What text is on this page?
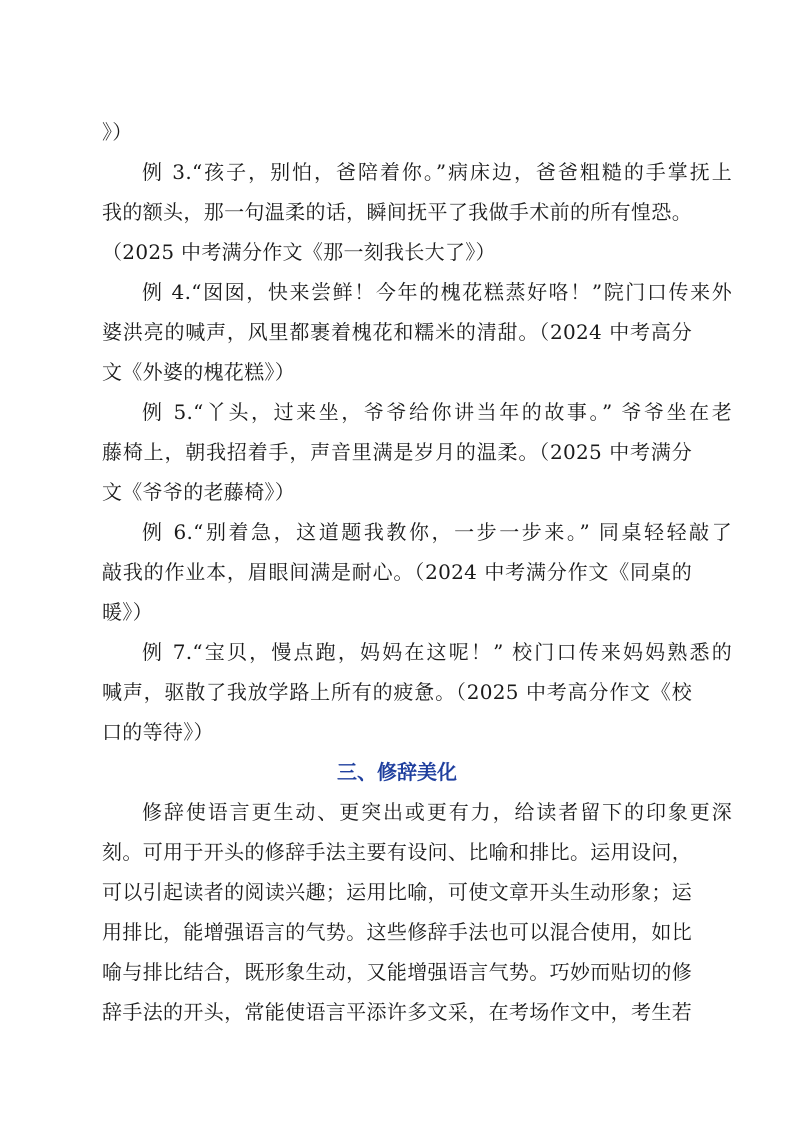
》）
例 3.“孩子，别怕，爸陪着你。”病床边，爸爸粗糙的手掌抚上
我的额头，那一句温柔的话，瞬间抚平了我做手术前的所有惶恐。
（2025 中考满分作文《那一刻我长大了》）
例 4.“囡囡，快来尝鲜！今年的槐花糕蒸好咯！”院门口传来外
婆洪亮的喊声，风里都裹着槐花和糯米的清甜。（2024 中考高分
文《外婆的槐花糕》）
例 5.“丫头，过来坐，爷爷给你讲当年的故事。” 爷爷坐在老
藤椅上，朝我招着手，声音里满是岁月的温柔。（2025 中考满分
文《爷爷的老藤椅》）
例 6.“别着急，这道题我教你，一步一步来。” 同桌轻轻敲了
敲我的作业本，眉眼间满是耐心。（2024 中考满分作文《同桌的
暖》）
例 7.“宝贝，慢点跑，妈妈在这呢！” 校门口传来妈妈熟悉的
喊声，驱散了我放学路上所有的疲惫。（2025 中考高分作文《校
口的等待》）
三、修辞美化
修辞使语言更生动、更突出或更有力，给读者留下的印象更深
刻。可用于开头的修辞手法主要有设问、比喻和排比。运用设问，
可以引起读者的阅读兴趣；运用比喻，可使文章开头生动形象；运
用排比，能增强语言的气势。这些修辞手法也可以混合使用，如比
喻与排比结合，既形象生动，又能增强语言气势。巧妙而贴切的修
辞手法的开头，常能使语言平添许多文采，在考场作文中，考生若
